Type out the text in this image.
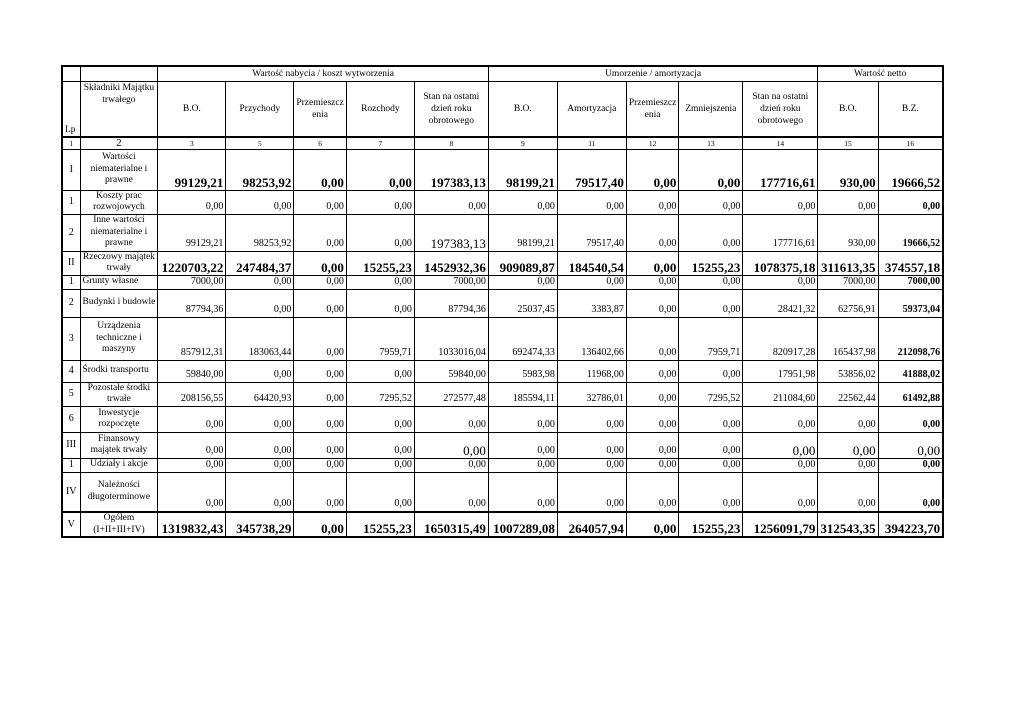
		Wartość nabycia / koszt wytworzenia					Umorzenie / amortyzacja					Wartość netto	
Lp	Składniki Majątku trwałego	B.O.	Przychody	Przemieszcz enia	Rozchody	Stan na ostatni dzień roku obrotowego	B.O.	Amortyzacja	Przemieszcz enia	Zmniejszenia	Stan na ostatni dzień roku obrotowego	B.O.	B.Z.
1	2	3	5	6	7	8	9	11	12	13	14	15	16
I	Wartości niematerialne i prawne	99129,21	98253,92	0,00	0,00	197383,13	98199,21	79517,40	0,00	0,00	177716,61	930,00	19666,52
1	Koszty prac rozwojowych	0,00	0,00	0,00	0,00	0,00	0,00	0,00	0,00	0,00	0,00	0,00	0,00
2	Inne wartości niematerialne i prawne	99129,21	98253,92	0,00	0,00	197383,13	98199,21	79517,40	0,00	0,00	177716,61	930,00	19666,52
II	Rzeczowy majątek trwały	1220703,22	247484,37	0,00	15255,23	1452932,36	909089,87	184540,54	0,00	15255,23	1078375,18	311613,35	374557,18
1	Grunty własne	7000,00	0,00	0,00	0,00	7000,00	0,00	0,00	0,00	0,00	0,00	7000,00	7000,00
2	Budynki i budowle	87794,36	0,00	0,00	0,00	87794,36	25037,45	3383,87	0,00	0,00	28421,32	62756,91	59373,04
3	Urządzenia techniczne i maszyny	857912,31	183063,44	0,00	7959,71	1033016,04	692474,33	136402,66	0,00	7959,71	820917,28	165437,98	212098,76
4	Środki transportu	59840,00	0,00	0,00	0,00	59840,00	5983,98	11968,00	0,00	0,00	17951,98	53856,02	41888,02
5	Pozostałe środki trwałe	208156,55	64420,93	0,00	7295,52	272577,48	185594,11	32786,01	0,00	7295,52	211084,60	22562,44	61492,88
6	Inwestycje rozpoczęte	0,00	0,00	0,00	0,00	0,00	0,00	0,00	0,00	0,00	0,00	0,00	0,00
III	Finansowy majątek trwały	0,00	0,00	0,00	0,00	0,00	0,00	0,00	0,00	0,00	0,00	0,00	0,00
1	Udziały i akcje	0,00	0,00	0,00	0,00	0,00	0,00	0,00	0,00	0,00	0,00	0,00	0,00
IV	Należności długoterminowe	0,00	0,00	0,00	0,00	0,00	0,00	0,00	0,00	0,00	0,00	0,00	0,00
V	Ogółem (I+II+III+IV)	1319832,43	345738,29	0,00	15255,23	1650315,49	1007289,08	264057,94	0,00	15255,23	1256091,79	312543,35	394223,70
